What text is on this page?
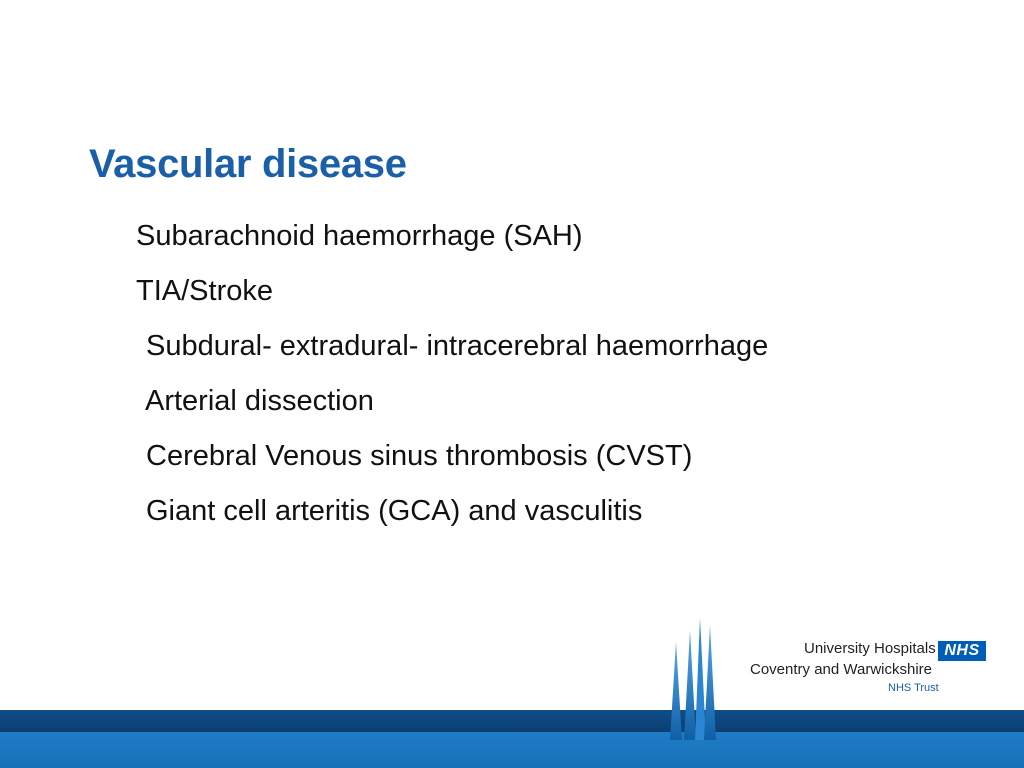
Vascular disease
Subarachnoid haemorrhage (SAH)
TIA/Stroke
Subdural- extradural- intracerebral haemorrhage
Arterial dissection
Cerebral Venous sinus thrombosis (CVST)
Giant cell arteritis (GCA) and vasculitis
University Hospitals NHS
Coventry and Warwickshire
NHS Trust
